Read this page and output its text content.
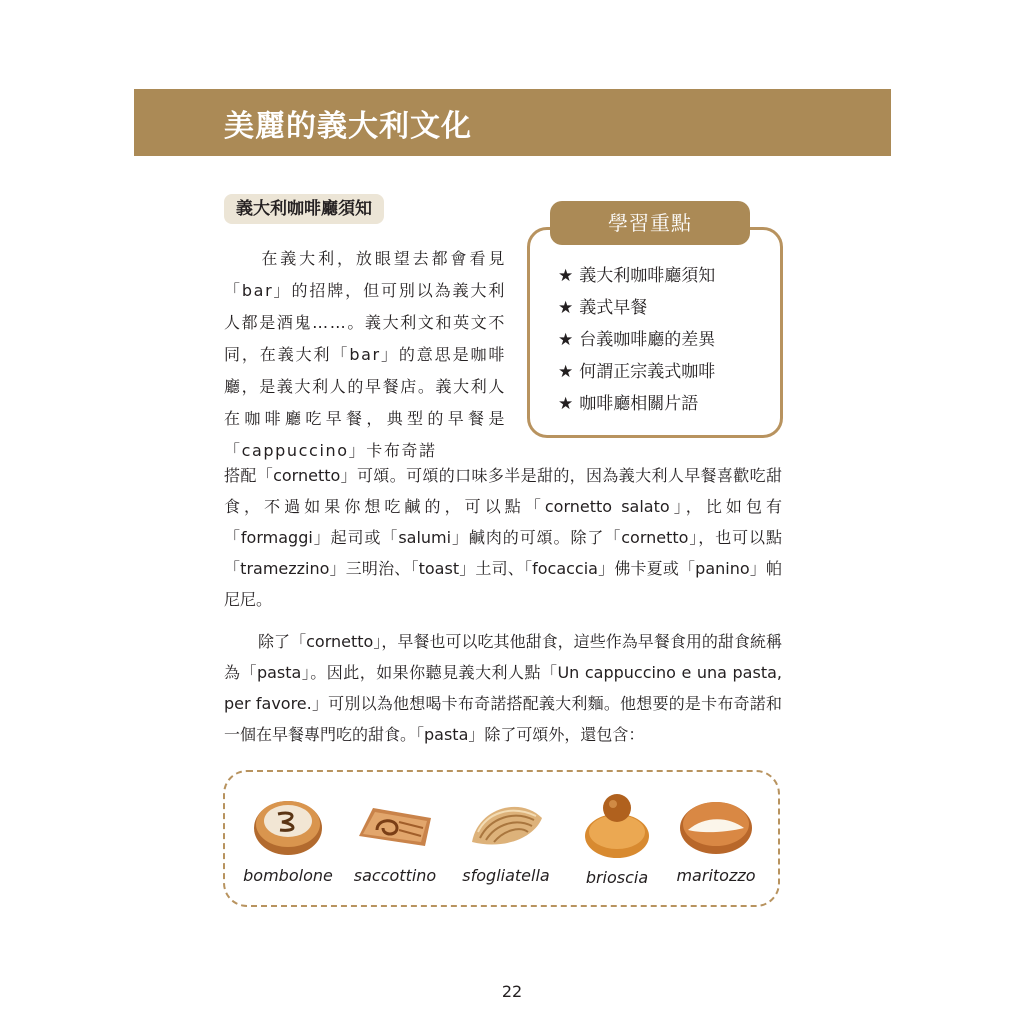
美麗的義大利文化
義大利咖啡廳須知
學習重點
★ 義大利咖啡廳須知
★ 義式早餐
★ 台義咖啡廳的差異
★ 何謂正宗義式咖啡
★ 咖啡廳相關片語

在義大利，放眼望去都會看見「bar」的招牌，但可別以為義大利人都是酒鬼……。義大利文和英文不同，在義大利「bar」的意思是咖啡廳，是義大利人的早餐店。義大利人在咖啡廳吃早餐，典型的早餐是「cappuccino」卡布奇諾

搭配「cornetto」可頌。可頌的口味多半是甜的，因為義大利人早餐喜歡吃甜食，不過如果你想吃鹹的，可以點「cornetto salato」，比如包有「formaggi」起司或「salumi」鹹肉的可頌。除了「cornetto」，也可以點「tramezzino」三明治、「toast」土司、「focaccia」佛卡夏或「panino」帕尼尼。

除了「cornetto」，早餐也可以吃其他甜食，這些作為早餐食用的甜食統稱為「pasta」。因此，如果你聽見義大利人點「Un cappuccino e una pasta, per favore.」可別以為他想喝卡布奇諾搭配義大利麵。他想要的是卡布奇諾和一個在早餐專門吃的甜食。「pasta」除了可頌外，還包含：

bombolone	saccottino	sfogliatella	brioscia	maritozzo
22
